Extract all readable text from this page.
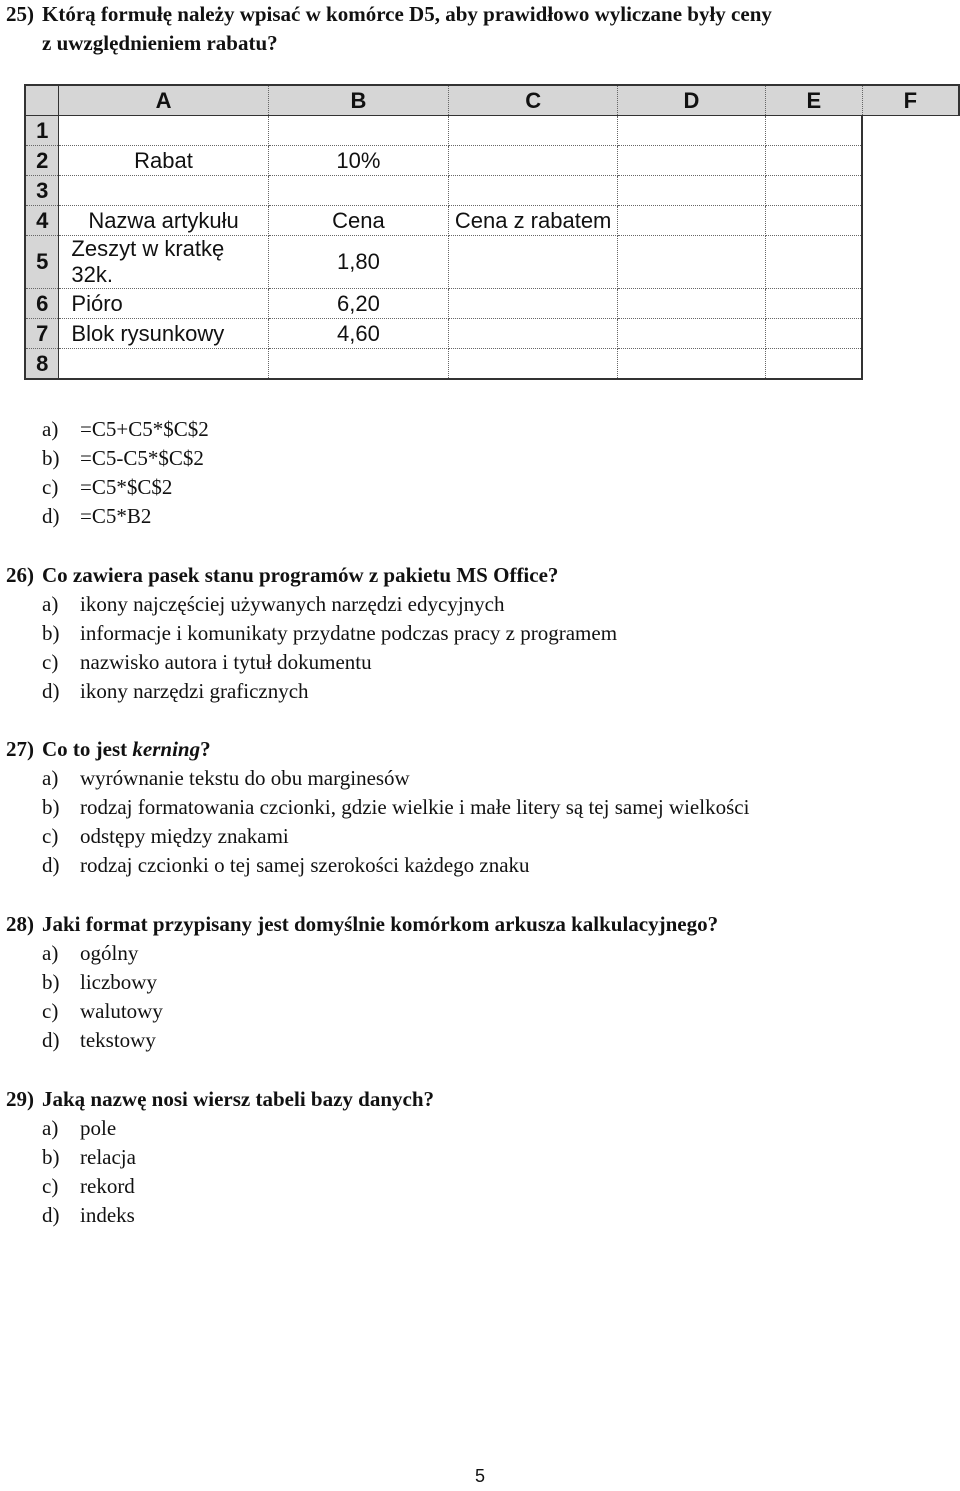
25) Którą formułę należy wpisać w komórce D5, aby prawidłowo wyliczane były ceny
z uwzględnieniem rabatu?
	A	B	C	D	E	F
1						
2	Rabat	10%				
3						
4	Nazwa artykułu	Cena	Cena z rabatem			
5	Zeszyt w kratkę 32k.	1,80				
6	Pióro	6,20				
7	Blok rysunkowy	4,60				
8						
a) =C5+C5*$C$2
b) =C5-C5*$C$2
c) =C5*$C$2
d) =C5*B2
26) Co zawiera pasek stanu programów z pakietu MS Office?
a) ikony najczęściej używanych narzędzi edycyjnych
b) informacje i komunikaty przydatne podczas pracy z programem
c) nazwisko autora i tytuł dokumentu
d) ikony narzędzi graficznych
27) Co to jest kerning?
a) wyrównanie tekstu do obu marginesów
b) rodzaj formatowania czcionki, gdzie wielkie i małe litery są tej samej wielkości
c) odstępy między znakami
d) rodzaj czcionki o tej samej szerokości każdego znaku
28) Jaki format przypisany jest domyślnie komórkom arkusza kalkulacyjnego?
a) ogólny
b) liczbowy
c) walutowy
d) tekstowy
29) Jaką nazwę nosi wiersz tabeli bazy danych?
a) pole
b) relacja
c) rekord
d) indeks
5
